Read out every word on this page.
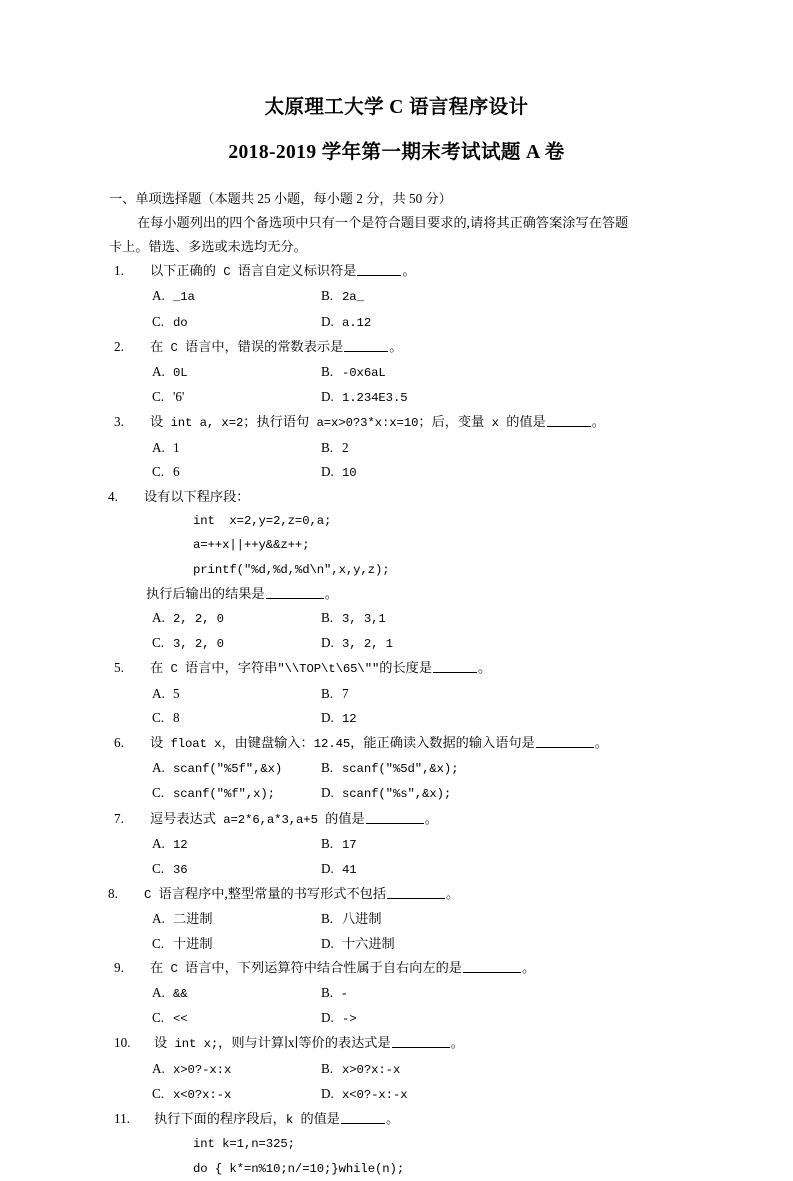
太原理工大学 C 语言程序设计
2018-2019 学年第一期末考试试题 A 卷
一、单项选择题（本题共 25 小题，每小题 2 分，共 50 分）

在每小题列出的四个备选项中只有一个是符合题目要求的,请将其正确答案涂写在答题

卡上。错选、多选或未选均无分。

1. 以下正确的 C 语言自定义标识符是	。
A. _1a	B. 2a_
C. do	D. a.12
2. 在 C 语言中，错误的常数表示是	。
A. 0L	B. -0x6aL
C. '6'	D. 1.234E3.5
3. 设 int a, x=2；执行语句 a=x>0?3*x:x=10；后，变量 x 的值是	。
A. 1	B. 2
C. 6	D. 10
4. 设有以下程序段：
int  x=2,y=2,z=0,a;
a=++x||++y&&z++;
printf("%d,%d,%d\n",x,y,z);
执行后输出的结果是	。
A. 2, 2, 0	B. 3, 3,1
C. 3, 2, 0	D. 3, 2, 1
5. 在 C 语言中，字符串"\\TOP\t\65\""的长度是	。
A. 5	B. 7
C. 8	D. 12
6. 设 float x，由键盘输入：12.45，能正确读入数据的输入语句是	。
A. scanf("%5f",&x)	B. scanf("%5d",&x);
C. scanf("%f",x);	D. scanf("%s",&x);
7. 逗号表达式 a=2*6,a*3,a+5 的值是	。
A. 12	B. 17
C. 36	D. 41
8. C 语言程序中,整型常量的书写形式不包括	。
A. 二进制	B. 八进制
C. 十进制	D. 十六进制
9. 在 C 语言中，下列运算符中结合性属于自右向左的是	。
A. &&	B. -
C. <<	D. ->
10. 设 int x;，则与计算∣x∣等价的表达式是	。
A. x>0?-x:x	B. x>0?x:-x
C. x<0?x:-x	D. x<0?-x:-x
11. 执行下面的程序段后，k 的值是	。
int k=1,n=325;
do { k*=n%10;n/=10;}while(n);
